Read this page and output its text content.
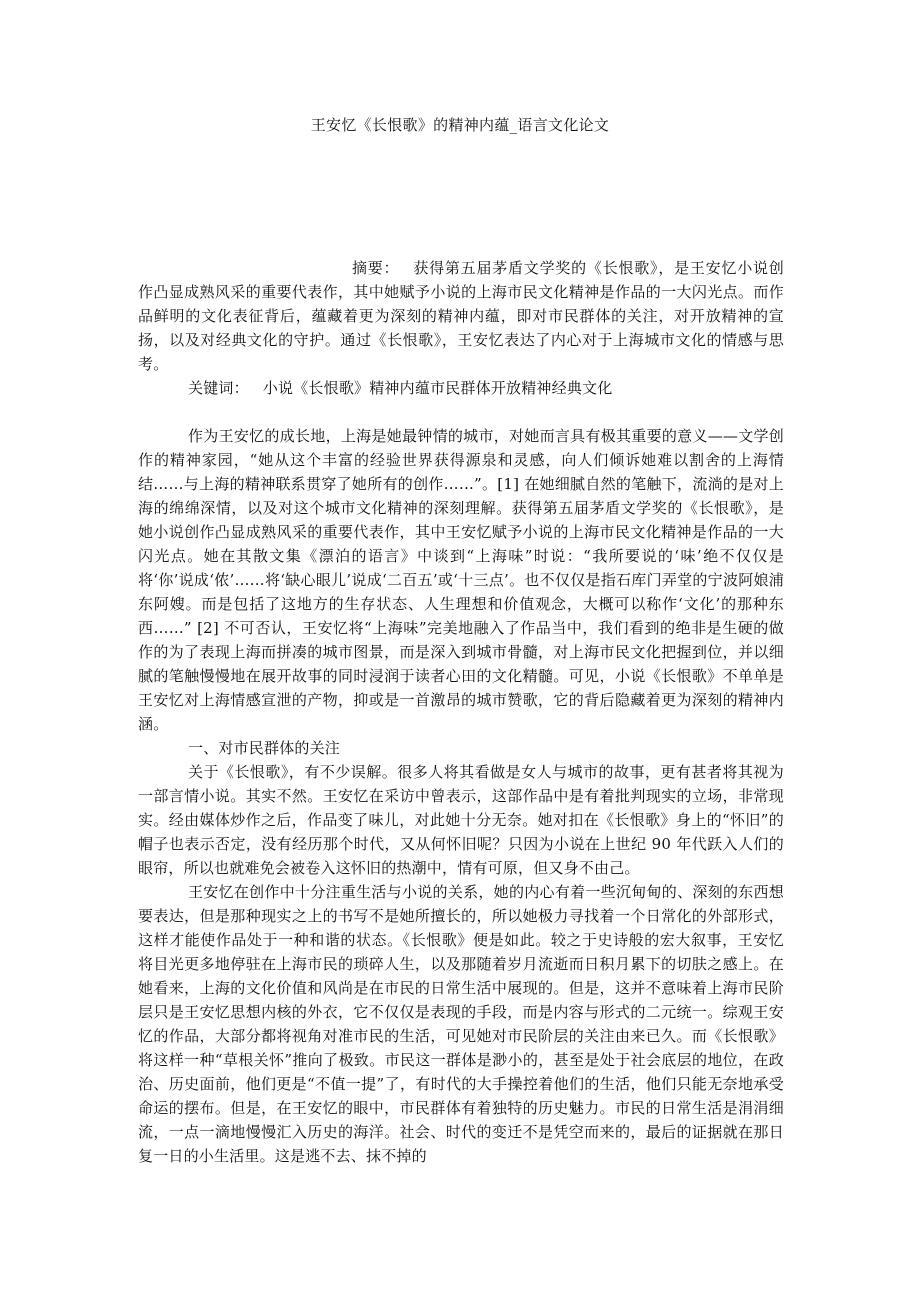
王安忆《长恨歌》的精神内蕴_语言文化论文

摘要： 获得第五届茅盾文学奖的《长恨歌》，是王安忆小说创作凸显成熟风采的重要代表作，其中她赋予小说的上海市民文化精神是作品的一大闪光点。而作品鲜明的文化表征背后，蕴藏着更为深刻的精神内蕴，即对市民群体的关注，对开放精神的宣扬，以及对经典文化的守护。通过《长恨歌》，王安忆表达了内心对于上海城市文化的情感与思考。

关键词： 小说《长恨歌》精神内蕴市民群体开放精神经典文化

作为王安忆的成长地，上海是她最钟情的城市，对她而言具有极其重要的意义——文学创作的精神家园，“她从这个丰富的经验世界获得源泉和灵感，向人们倾诉她难以割舍的上海情结……与上海的精神联系贯穿了她所有的创作……”。[1] 在她细腻自然的笔触下，流淌的是对上海的绵绵深情，以及对这个城市文化精神的深刻理解。获得第五届茅盾文学奖的《长恨歌》，是她小说创作凸显成熟风采的重要代表作，其中王安忆赋予小说的上海市民文化精神是作品的一大闪光点。她在其散文集《漂泊的语言》中谈到“上海味”时说：“我所要说的‘味’绝不仅仅是将‘你’说成‘侬’……将‘缺心眼儿’说成‘二百五’或‘十三点’。也不仅仅是指石库门弄堂的宁波阿娘浦东阿嫂。而是包括了这地方的生存状态、人生理想和价值观念，大概可以称作‘文化’的那种东西……” [2] 不可否认，王安忆将“上海味”完美地融入了作品当中，我们看到的绝非是生硬的做作的为了表现上海而拼凑的城市图景，而是深入到城市骨髓，对上海市民文化把握到位，并以细腻的笔触慢慢地在展开故事的同时浸润于读者心田的文化精髓。可见，小说《长恨歌》不单单是王安忆对上海情感宣泄的产物，抑或是一首激昂的城市赞歌，它的背后隐藏着更为深刻的精神内涵。

一、对市民群体的关注

关于《长恨歌》，有不少误解。很多人将其看做是女人与城市的故事，更有甚者将其视为一部言情小说。其实不然。王安忆在采访中曾表示，这部作品中是有着批判现实的立场，非常现实。经由媒体炒作之后，作品变了味儿，对此她十分无奈。她对扣在《长恨歌》身上的“怀旧”的帽子也表示否定，没有经历那个时代，又从何怀旧呢？只因为小说在上世纪 90 年代跃入人们的眼帘，所以也就难免会被卷入这怀旧的热潮中，情有可原，但又身不由己。

王安忆在创作中十分注重生活与小说的关系，她的内心有着一些沉甸甸的、深刻的东西想要表达，但是那种现实之上的书写不是她所擅长的，所以她极力寻找着一个日常化的外部形式，这样才能使作品处于一种和谐的状态。《长恨歌》便是如此。较之于史诗般的宏大叙事，王安忆将目光更多地停驻在上海市民的琐碎人生，以及那随着岁月流逝而日积月累下的切肤之感上。在她看来，上海的文化价值和风尚是在市民的日常生活中展现的。但是，这并不意味着上海市民阶层只是王安忆思想内核的外衣，它不仅仅是表现的手段，而是内容与形式的二元统一。综观王安忆的作品，大部分都将视角对准市民的生活，可见她对市民阶层的关注由来已久。而《长恨歌》将这样一种“草根关怀”推向了极致。市民这一群体是渺小的，甚至是处于社会底层的地位，在政治、历史面前，他们更是“不值一提”了，有时代的大手操控着他们的生活，他们只能无奈地承受命运的摆布。但是，在王安忆的眼中，市民群体有着独特的历史魅力。市民的日常生活是涓涓细流，一点一滴地慢慢汇入历史的海洋。社会、时代的变迁不是凭空而来的，最后的证据就在那日复一日的小生活里。这是逃不去、抹不掉的
